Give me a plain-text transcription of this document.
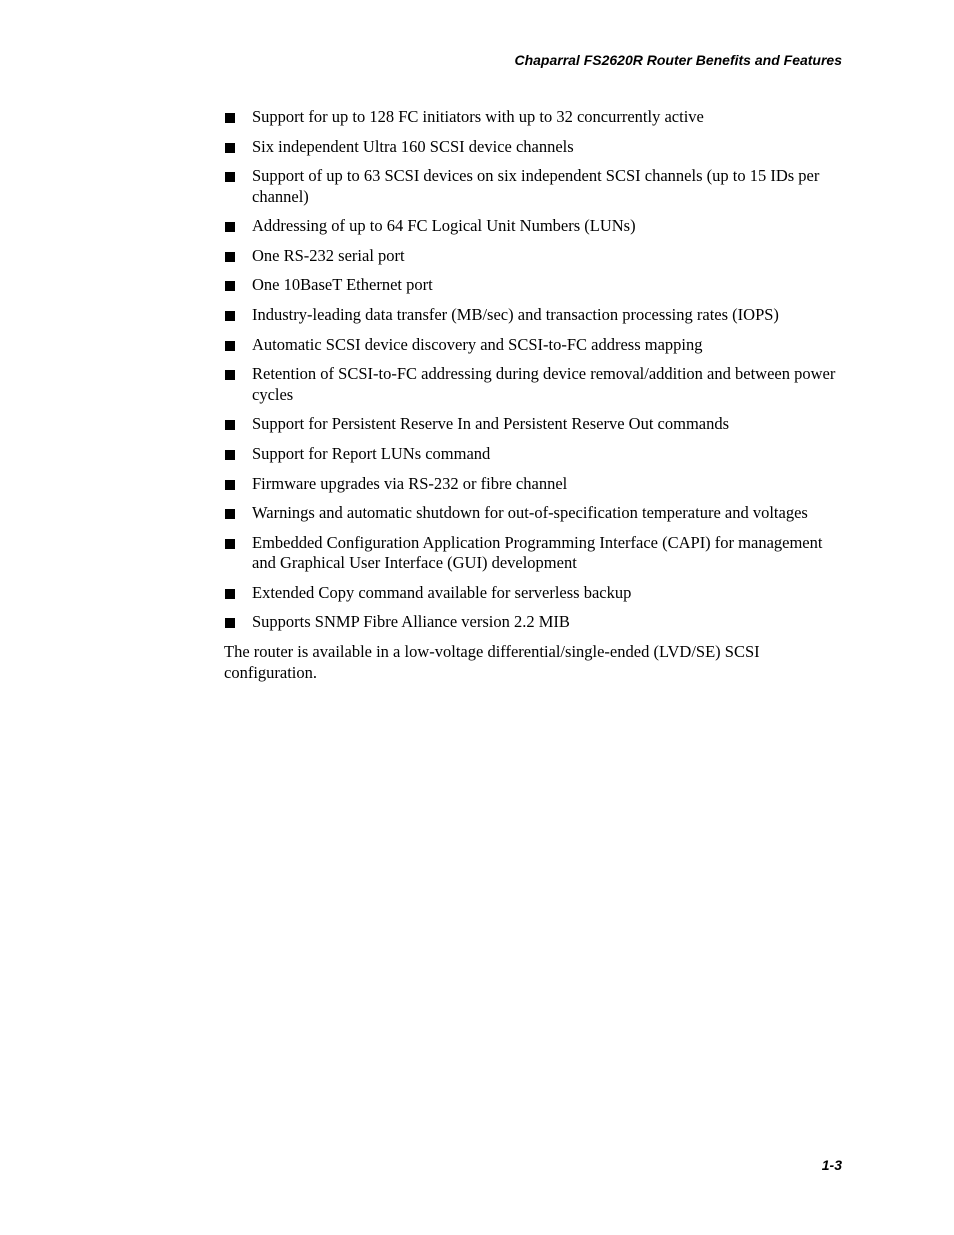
Chaparral FS2620R Router Benefits and Features
Support for up to 128 FC initiators with up to 32 concurrently active
Six independent Ultra 160 SCSI device channels
Support of up to 63 SCSI devices on six independent SCSI channels (up to 15 IDs per channel)
Addressing of up to 64 FC Logical Unit Numbers (LUNs)
One RS-232 serial port
One 10BaseT Ethernet port
Industry-leading data transfer (MB/sec) and transaction processing rates (IOPS)
Automatic SCSI device discovery and SCSI-to-FC address mapping
Retention of SCSI-to-FC addressing during device removal/addition and between power cycles
Support for Persistent Reserve In and Persistent Reserve Out commands
Support for Report LUNs command
Firmware upgrades via RS-232 or fibre channel
Warnings and automatic shutdown for out-of-specification temperature and voltages
Embedded Configuration Application Programming Interface (CAPI) for management and Graphical User Interface (GUI) development
Extended Copy command available for serverless backup
Supports SNMP Fibre Alliance version 2.2 MIB

The router is available in a low-voltage differential/single-ended (LVD/SE) SCSI configuration.

1-3
